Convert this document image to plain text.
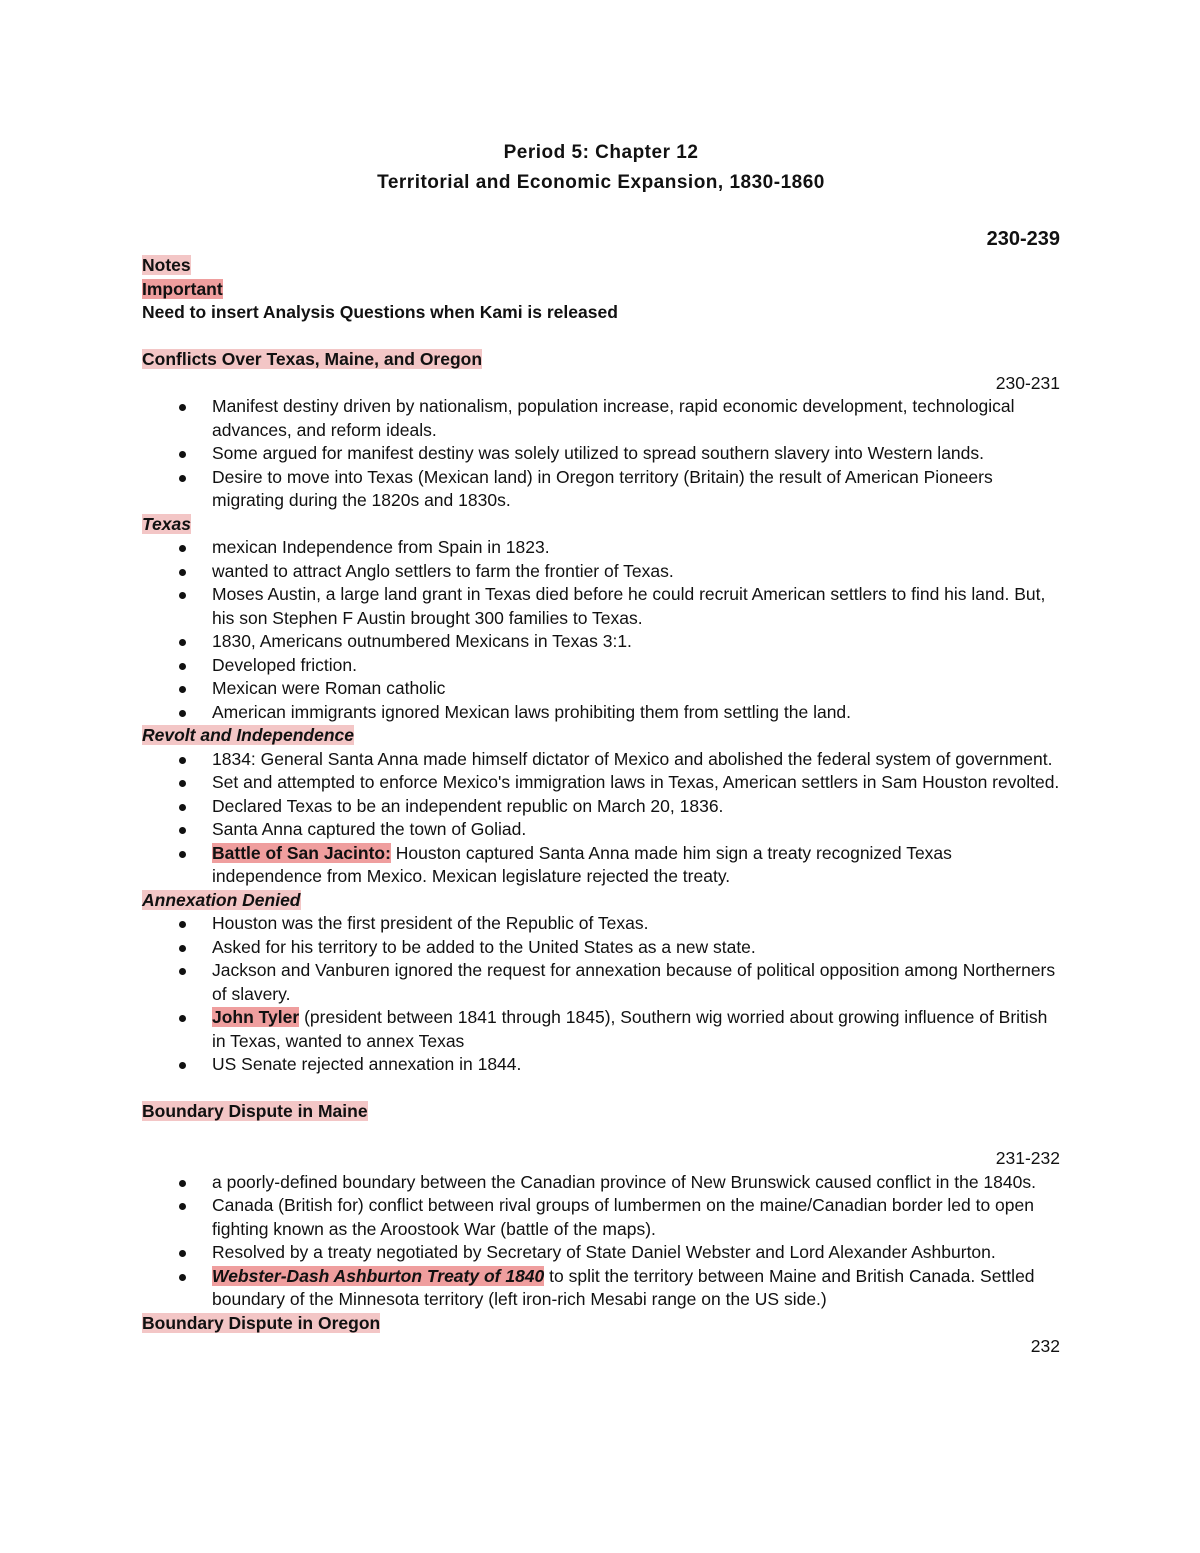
Period 5: Chapter 12
Territorial and Economic Expansion, 1830-1860
230-239
Notes
Important
Need to insert Analysis Questions when Kami is released
Conflicts Over Texas, Maine, and Oregon
230-231
Manifest destiny driven by nationalism, population increase, rapid economic development, technological advances, and reform ideals.
Some argued for manifest destiny was solely utilized to spread southern slavery into Western lands.
Desire to move into Texas (Mexican land) in Oregon territory (Britain) the result of American Pioneers migrating during the 1820s and 1830s.
Texas
mexican Independence from Spain in 1823.
wanted to attract Anglo settlers to farm the frontier of Texas.
Moses Austin, a large land grant in Texas died before he could recruit American settlers to find his land. But, his son Stephen F Austin brought 300 families to Texas.
1830, Americans outnumbered Mexicans in Texas 3:1.
Developed friction.
Mexican were Roman catholic
American immigrants ignored Mexican laws prohibiting them from settling the land.
Revolt and Independence
1834: General Santa Anna made himself dictator of Mexico and abolished the federal system of government.
Set and attempted to enforce Mexico's immigration laws in Texas, American settlers in Sam Houston revolted.
Declared Texas to be an independent republic on March 20, 1836.
Santa Anna captured the town of Goliad.
Battle of San Jacinto: Houston captured Santa Anna made him sign a treaty recognized Texas independence from Mexico. Mexican legislature rejected the treaty.
Annexation Denied
Houston was the first president of the Republic of Texas.
Asked for his territory to be added to the United States as a new state.
Jackson and Vanburen ignored the request for annexation because of political opposition among Northerners of slavery.
John Tyler (president between 1841 through 1845), Southern wig worried about growing influence of British in Texas, wanted to annex Texas
US Senate rejected annexation in 1844.
Boundary Dispute in Maine
231-232
a poorly-defined boundary between the Canadian province of New Brunswick caused conflict in the 1840s.
Canada (British for) conflict between rival groups of lumbermen on the maine/Canadian border led to open fighting known as the Aroostook War (battle of the maps).
Resolved by a treaty negotiated by Secretary of State Daniel Webster and Lord Alexander Ashburton.
Webster-Dash Ashburton Treaty of 1840 to split the territory between Maine and British Canada. Settled boundary of the Minnesota territory (left iron-rich Mesabi range on the US side.)
Boundary Dispute in Oregon
232
